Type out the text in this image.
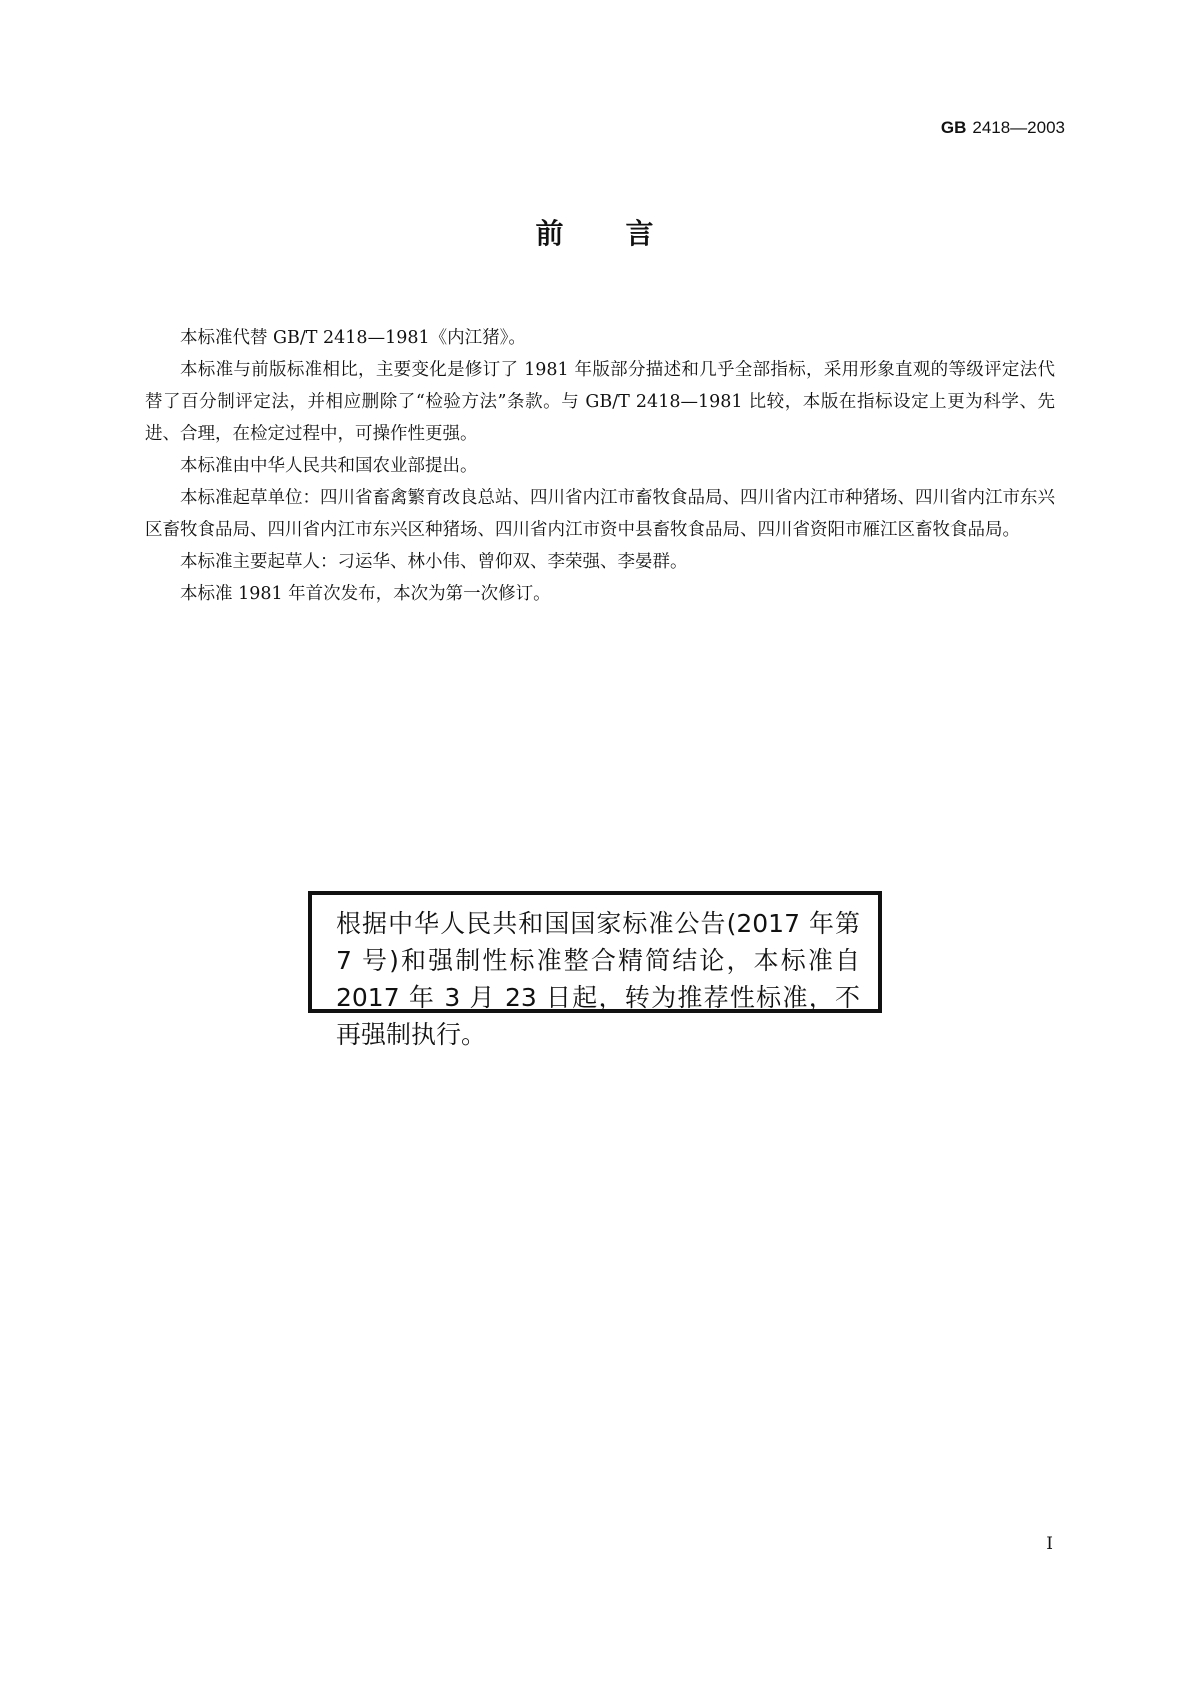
GB 2418—2003
前 言

本标准代替 GB/T 2418—1981《内江猪》。

本标准与前版标准相比，主要变化是修订了 1981 年版部分描述和几乎全部指标，采用形象直观的等级评定法代替了百分制评定法，并相应删除了“检验方法”条款。与 GB/T 2418—1981 比较，本版在指标设定上更为科学、先进、合理，在检定过程中，可操作性更强。

本标准由中华人民共和国农业部提出。

本标准起草单位：四川省畜禽繁育改良总站、四川省内江市畜牧食品局、四川省内江市种猪场、四川省内江市东兴区畜牧食品局、四川省内江市东兴区种猪场、四川省内江市资中县畜牧食品局、四川省资阳市雁江区畜牧食品局。

本标准主要起草人：刁运华、林小伟、曾仰双、李荣强、李晏群。

本标准 1981 年首次发布，本次为第一次修订。

根据中华人民共和国国家标准公告(2017 年第 7 号)和强制性标准整合精简结论，本标准自 2017 年 3 月 23 日起，转为推荐性标准，不再强制执行。
I
